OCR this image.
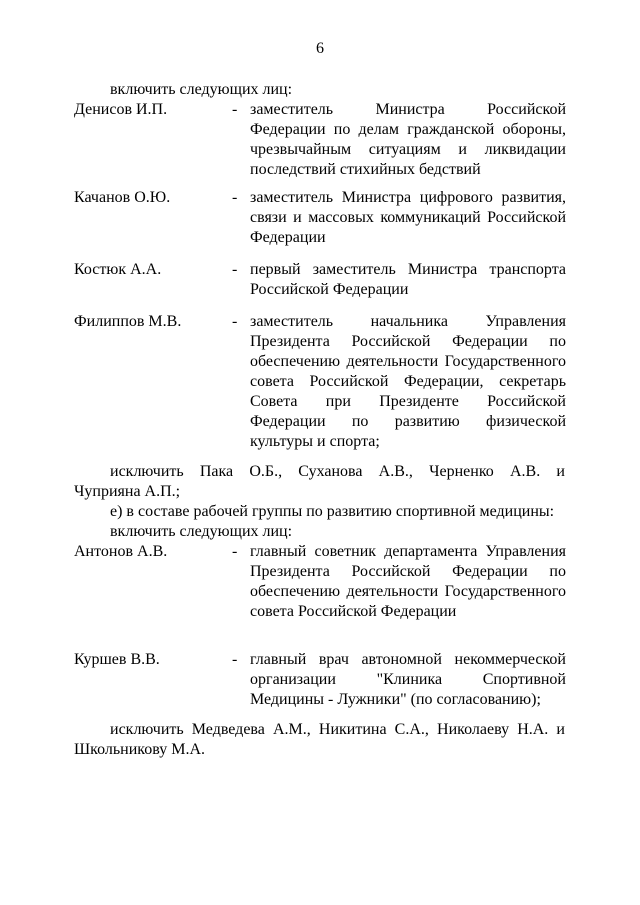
6
включить следующих лиц:
Денисов И.П.	- заместитель Министра Российской Федерации по делам гражданской обороны, чрезвычайным ситуациям и ликвидации последствий стихийных бедствий
Качанов О.Ю.	- заместитель Министра цифрового развития, связи и массовых коммуникаций Российской Федерации
Костюк А.А.	- первый заместитель Министра транспорта Российской Федерации
Филиппов М.В.	- заместитель начальника Управления Президента Российской Федерации по обеспечению деятельности Государственного совета Российской Федерации, секретарь Совета при Президенте Российской Федерации по развитию физической культуры и спорта;
исключить Пака О.Б., Суханова А.В., Черненко А.В. и
Чуприяна А.П.;
е) в составе рабочей группы по развитию спортивной медицины:
включить следующих лиц:
Антонов А.В.	- главный советник департамента Управления Президента Российской Федерации по обеспечению деятельности Государственного совета Российской Федерации
Куршев В.В.	- главный врач автономной некоммерческой организации "Клиника Спортивной Медицины - Лужники" (по согласованию);
исключить Медведева А.М., Никитина С.А., Николаеву Н.А. и
Школьникову М.А.
